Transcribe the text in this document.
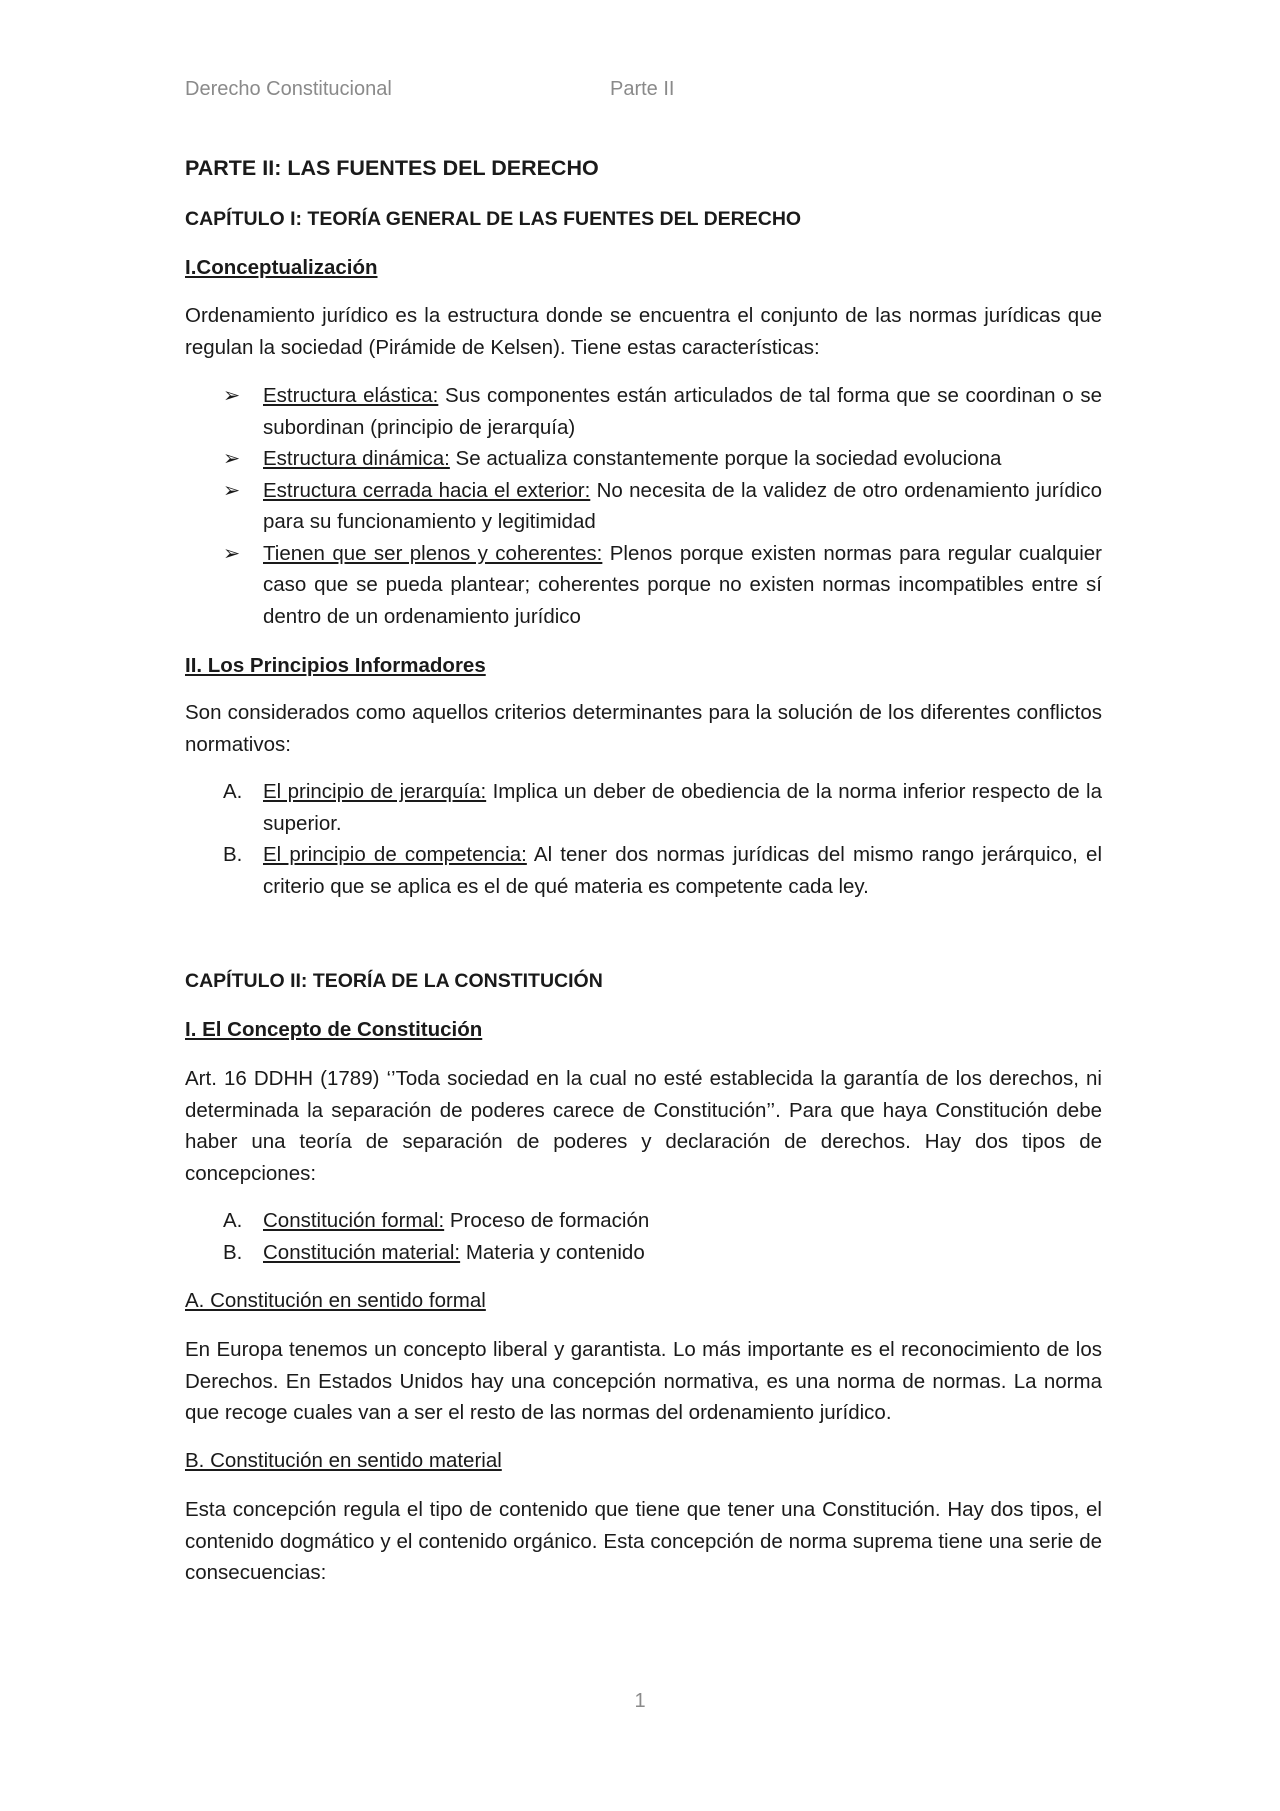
Derecho Constitucional	Parte II
PARTE II: LAS FUENTES DEL DERECHO
CAPÍTULO I: TEORÍA GENERAL DE LAS FUENTES DEL DERECHO
I.Conceptualización
Ordenamiento jurídico es la estructura donde se encuentra el conjunto de las normas jurídicas que regulan la sociedad (Pirámide de Kelsen). Tiene estas características:
➢ Estructura elástica: Sus componentes están articulados de tal forma que se coordinan o se subordinan (principio de jerarquía)
➢ Estructura dinámica: Se actualiza constantemente porque la sociedad evoluciona
➢ Estructura cerrada hacia el exterior: No necesita de la validez de otro ordenamiento jurídico para su funcionamiento y legitimidad
➢ Tienen que ser plenos y coherentes: Plenos porque existen normas para regular cualquier caso que se pueda plantear; coherentes porque no existen normas incompatibles entre sí dentro de un ordenamiento jurídico
II. Los Principios Informadores
Son considerados como aquellos criterios determinantes para la solución de los diferentes conflictos normativos:
A. El principio de jerarquía: Implica un deber de obediencia de la norma inferior respecto de la superior.
B. El principio de competencia: Al tener dos normas jurídicas del mismo rango jerárquico, el criterio que se aplica es el de qué materia es competente cada ley.
CAPÍTULO II: TEORÍA DE LA CONSTITUCIÓN
I. El Concepto de Constitución
Art. 16 DDHH (1789) ‘’Toda sociedad en la cual no esté establecida la garantía de los derechos, ni determinada la separación de poderes carece de Constitución’’. Para que haya Constitución debe haber una teoría de separación de poderes y declaración de derechos. Hay dos tipos de concepciones:
A. Constitución formal: Proceso de formación
B. Constitución material: Materia y contenido
A. Constitución en sentido formal
En Europa tenemos un concepto liberal y garantista. Lo más importante es el reconocimiento de los Derechos. En Estados Unidos hay una concepción normativa, es una norma de normas. La norma que recoge cuales van a ser el resto de las normas del ordenamiento jurídico.
B. Constitución en sentido material
Esta concepción regula el tipo de contenido que tiene que tener una Constitución. Hay dos tipos, el contenido dogmático y el contenido orgánico. Esta concepción de norma suprema tiene una serie de consecuencias:
1
